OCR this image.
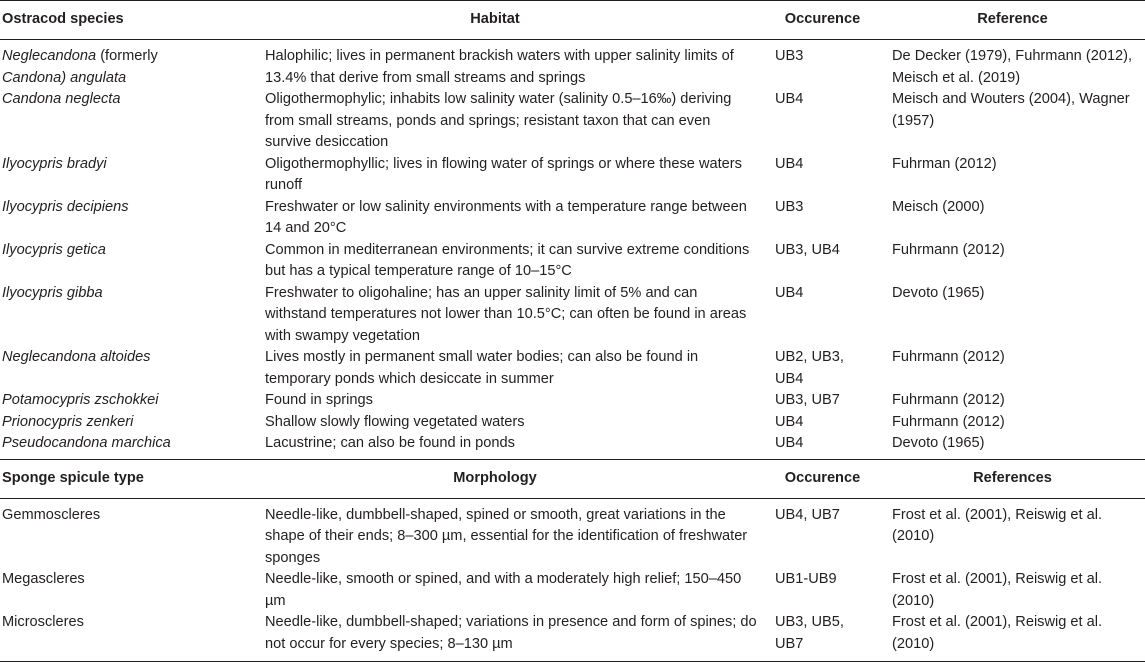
Ostracod species	Habitat	Occurence	Reference
Neglecandona (formerly Candona) angulata	Halophilic; lives in permanent brackish waters with upper salinity limits of 13.4% that derive from small streams and springs	UB3	De Decker (1979), Fuhrmann (2012), Meisch et al. (2019)
Candona neglecta	Oligothermophylic; inhabits low salinity water (salinity 0.5–16‰) deriving from small streams, ponds and springs; resistant taxon that can even survive desiccation	UB4	Meisch and Wouters (2004), Wagner (1957)
Ilyocypris bradyi	Oligothermophyllic; lives in flowing water of springs or where these waters runoff	UB4	Fuhrman (2012)
Ilyocypris decipiens	Freshwater or low salinity environments with a temperature range between 14 and 20°C	UB3	Meisch (2000)
Ilyocypris getica	Common in mediterranean environments; it can survive extreme conditions but has a typical temperature range of 10–15°C	UB3, UB4	Fuhrmann (2012)
Ilyocypris gibba	Freshwater to oligohaline; has an upper salinity limit of 5% and can withstand temperatures not lower than 10.5°C; can often be found in areas with swampy vegetation	UB4	Devoto (1965)
Neglecandona altoides	Lives mostly in permanent small water bodies; can also be found in temporary ponds which desiccate in summer	UB2, UB3, UB4	Fuhrmann (2012)
Potamocypris zschokkei	Found in springs	UB3, UB7	Fuhrmann (2012)
Prionocypris zenkeri	Shallow slowly flowing vegetated waters	UB4	Fuhrmann (2012)
Pseudocandona marchica	Lacustrine; can also be found in ponds	UB4	Devoto (1965)
Sponge spicule type	Morphology	Occurence	References
Gemmoscleres	Needle-like, dumbbell-shaped, spined or smooth, great variations in the shape of their ends; 8–300 µm, essential for the identification of freshwater sponges	UB4, UB7	Frost et al. (2001), Reiswig et al. (2010)
Megascleres	Needle-like, smooth or spined, and with a moderately high relief; 150–450 µm	UB1-UB9	Frost et al. (2001), Reiswig et al. (2010)
Microscleres	Needle-like, dumbbell-shaped; variations in presence and form of spines; do not occur for every species; 8–130 µm	UB3, UB5, UB7	Frost et al. (2001), Reiswig et al. (2010)
